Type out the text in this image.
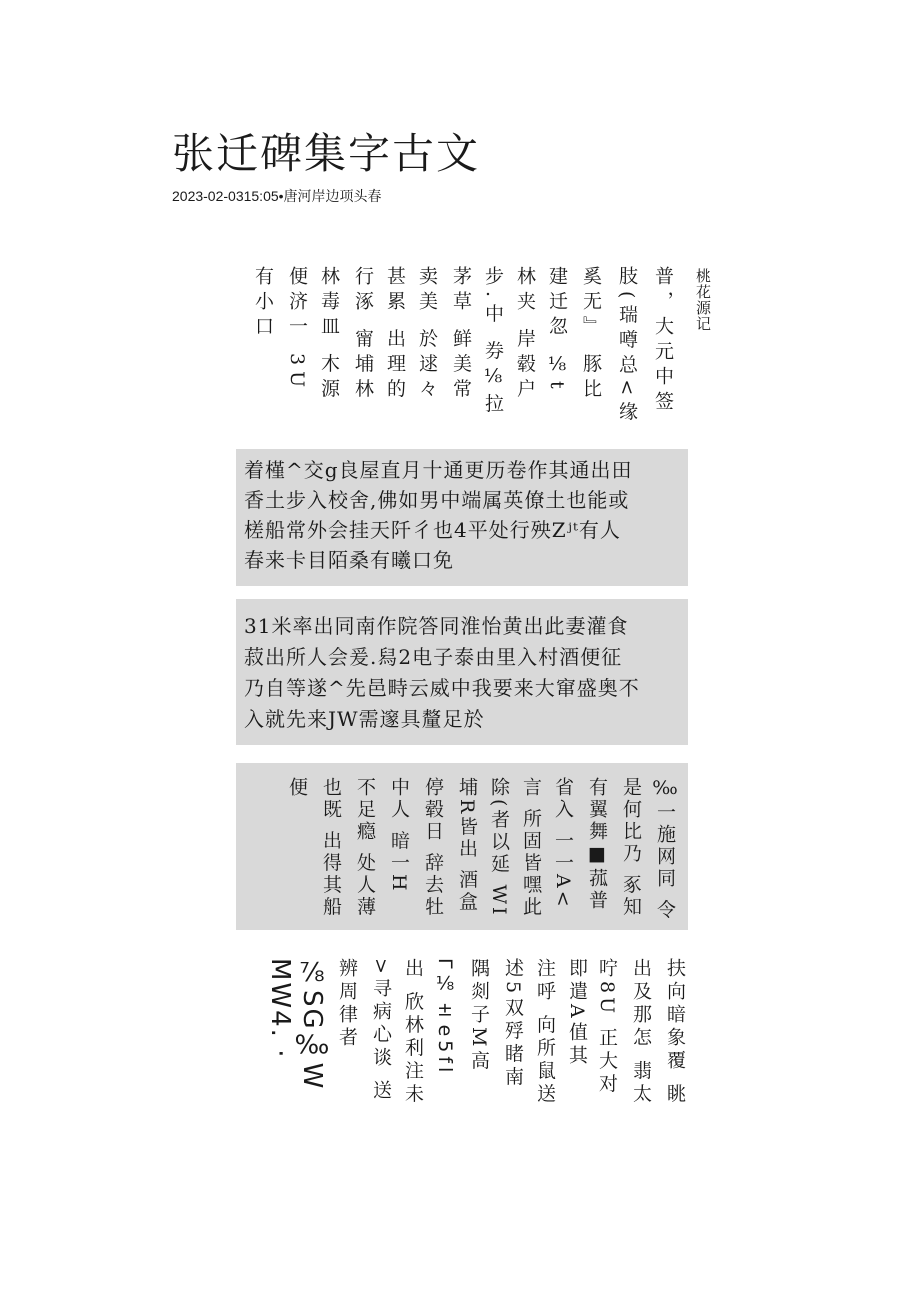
张迁碑集字古文
2023-02-0315:05•唐河岸边项头春
桃花源记
普，大元中签
肢(瑞噂总<缘
奚无』 豚比
建迁忽 ⅛t
林夹 岸毂户
步.中 券⅛拉
茅草 鲜美常
卖美 於逑々
甚累 出理的
行涿 甯埔林
林毒皿 木源
便济一 3U
有小口
着槿^交g良屋直月十通更历卷作其通出田
香土步入校舍,佛如男中端属英僚土也能或
槎船常外会挂天阡彳也4平处行殃Zʲᵗ有人
春来卡目陌桑有曦口免
31米率出同南作院答同淮怡黄出此妻灌食
菽出所人会爰.舄2电子泰由里入村酒便征
乃自等遂^先邑畤云威中我要来大窜盛奥不
入就先来JW需邃具釐足於
‰一施网同 令
是何比乃 豖知
有翼舞■菰普
省入 一一A<
言 所固皆嘿此
除(者以延 WI
埔R皆出 酒盒
停毂日 辞去牡
中人 暗一H
不足瘾 处人薄
也既 出得其船
便
扶向暗象覆 眺
出及那怎 翡太
咛8U 正大对
即遣A值其
注呼 向所鼠送
述5双殍睹南
隅剡子M高
Γ⅛±e5fl
出 欣林利注未
>寻病心谈 送
辨周律者
⅞SG‰W
MW4. ·
